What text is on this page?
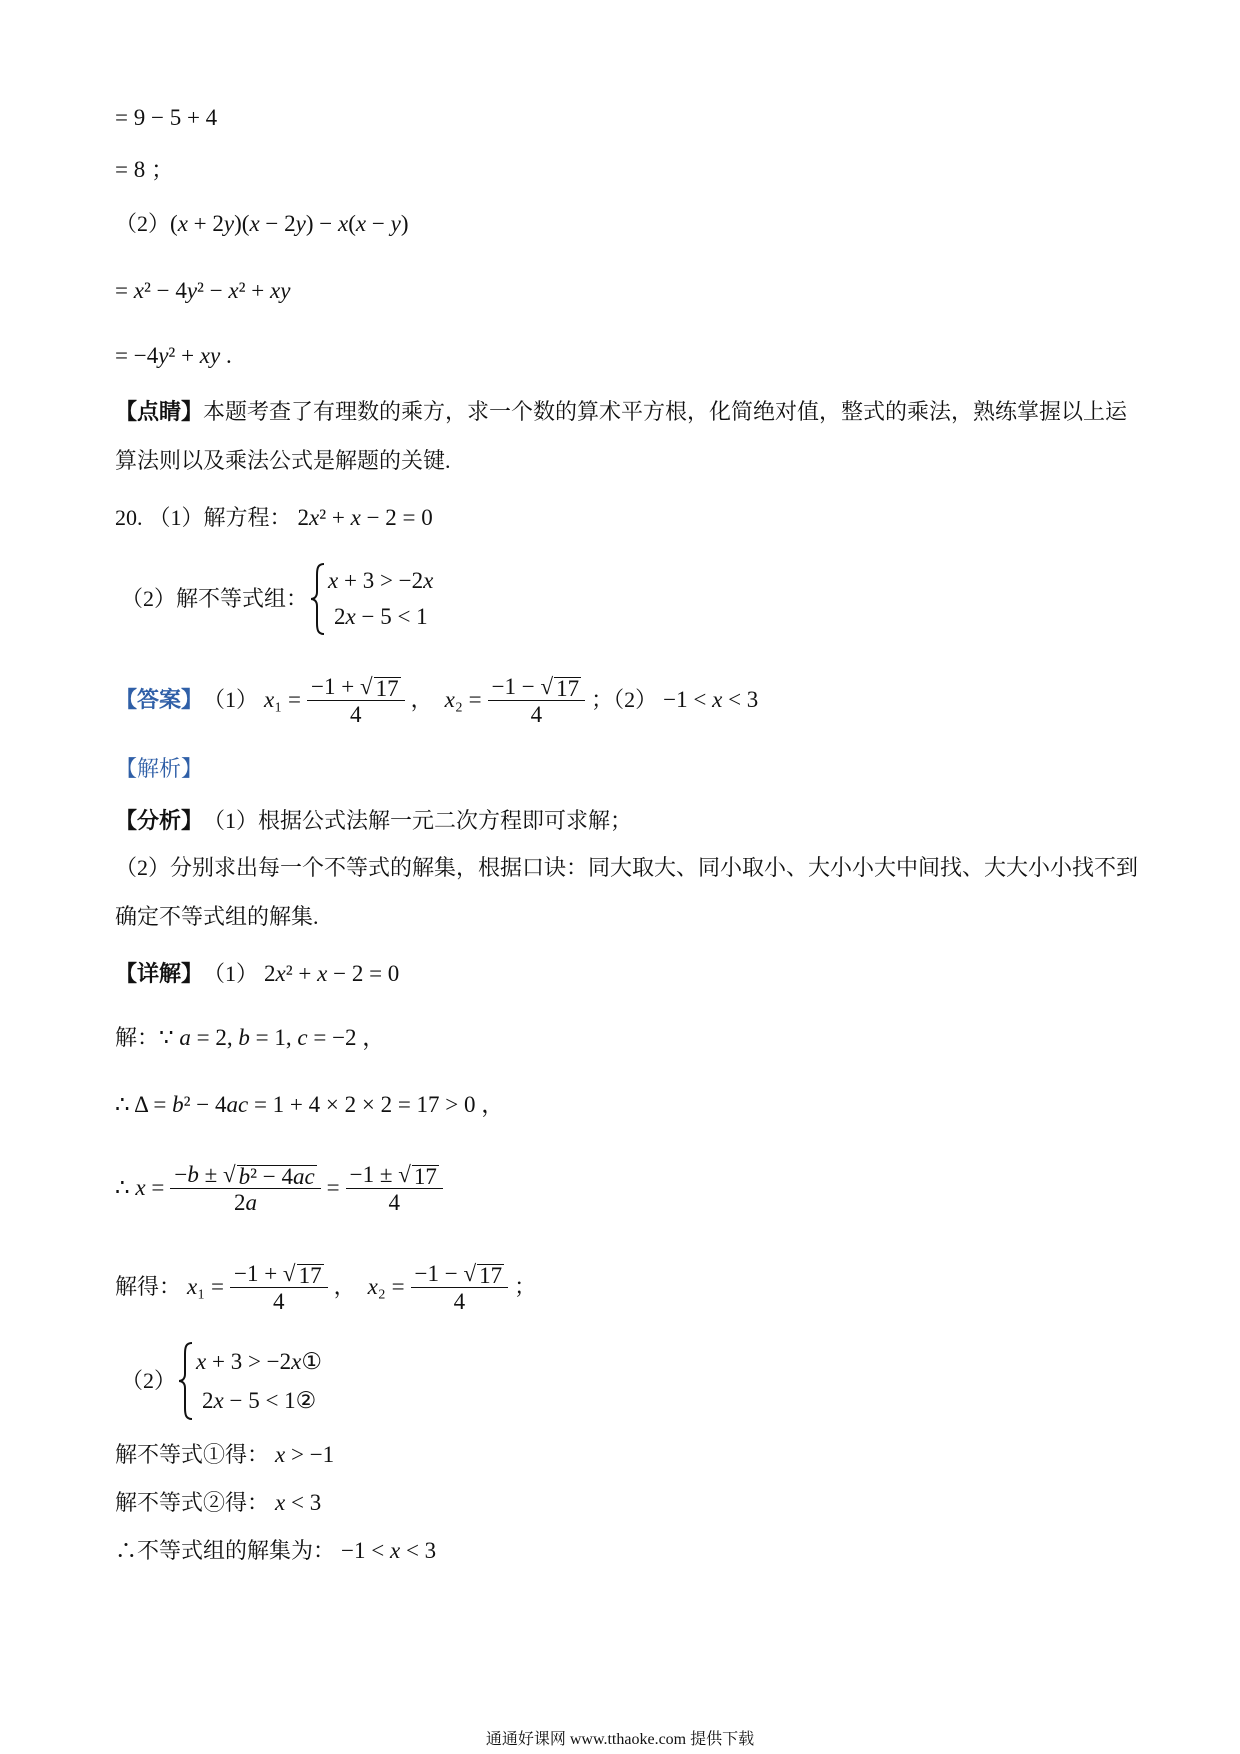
= 9 − 5 + 4
= 8 ；
（2） (x + 2y)(x − 2y) − x(x − y)
= x² − 4y² − x² + xy
= −4y² + xy .
【点睛】 本题考查了有理数的乘方，求一个数的算术平方根，化简绝对值，整式的乘法，熟练掌握以上运
算法则以及乘法公式是解题的关键.
20. （1）解方程： 2x² + x − 2 = 0
（2）解不等式组：
x + 3 > −2x
2x − 5 < 1
【答案】 （1） $x_1 = \frac{-1 + √ 17}{4}$ ， $x_2 = \frac{-1 - √ 17}{4}$ ；（2） −1 < x < 3
【解析】
【分析】 （1）根据公式法解一元二次方程即可求解；
（2）分别求出每一个不等式的解集，根据口诀：同大取大、同小取小、大小小大中间找、大大小小找不到
确定不等式组的解集.
【详解】 （1） 2x² + x − 2 = 0
解： ∵ a = 2, b = 1, c = −2 ，
∴ Δ = b² − 4ac = 1 + 4 × 2 × 2 = 17 > 0 ，
∴ $x = \frac{\text{−b ± √ b² − 4ac}}{2a} = \frac{-1 \pm √ 17}{4}$
解得： $x_1 = \frac{-1 + √ 17}{4}$ ， $x_2 = \frac{-1 - √ 17}{4}$ ；
（2）
x + 3 > −2x①
2x − 5 < 1②
解不等式①得： x > −1
解不等式②得： x < 3
∴不等式组的解集为： −1 < x < 3
通通好课网 www.tthaoke.com 提供下载
